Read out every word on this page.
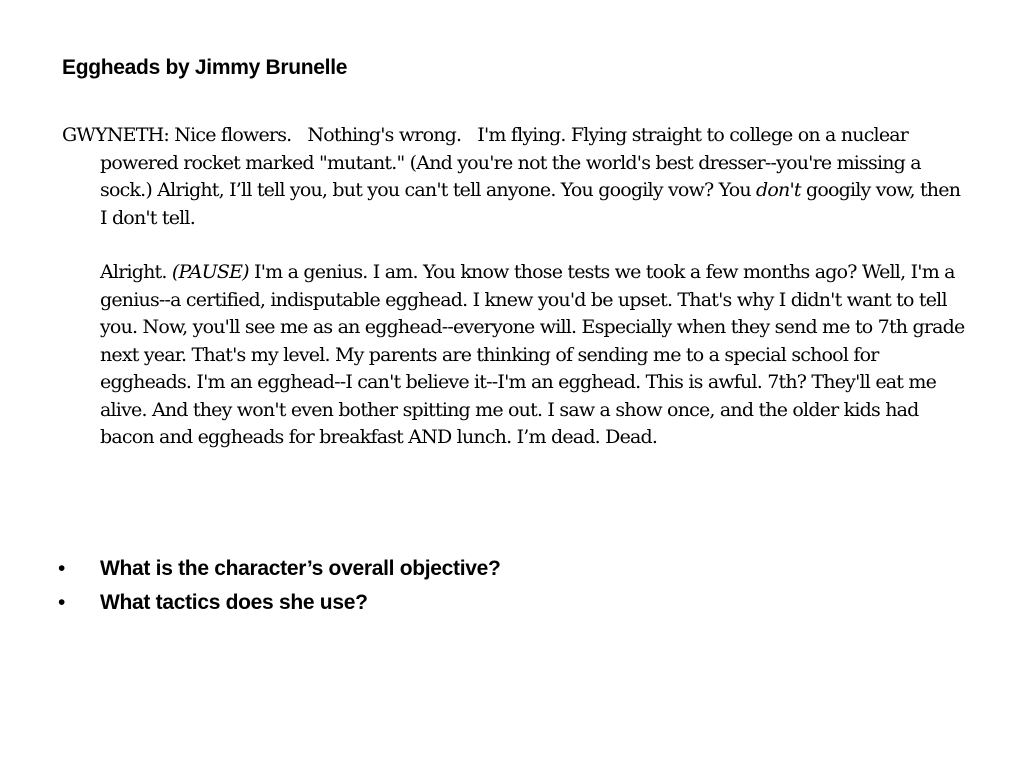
Eggheads by Jimmy Brunelle

GWYNETH: Nice flowers. Nothing's wrong. I'm flying. Flying straight to college on a nuclear powered rocket marked "mutant." (And you're not the world's best dresser--you're missing a sock.) Alright, I’ll tell you, but you can't tell anyone. You googily vow? You don't googily vow, then I don't tell.

Alright. (PAUSE) I'm a genius. I am. You know those tests we took a few months ago? Well, I'm a genius--a certified, indisputable egghead. I knew you'd be upset. That's why I didn't want to tell you. Now, you'll see me as an egghead--everyone will. Especially when they send me to 7th grade next year. That's my level. My parents are thinking of sending me to a special school for eggheads. I'm an egghead--I can't believe it--I'm an egghead. This is awful. 7th? They'll eat me alive. And they won't even bother spitting me out. I saw a show once, and the older kids had bacon and eggheads for breakfast AND lunch. I’m dead. Dead.

• What is the character’s overall objective?
• What tactics does she use?
